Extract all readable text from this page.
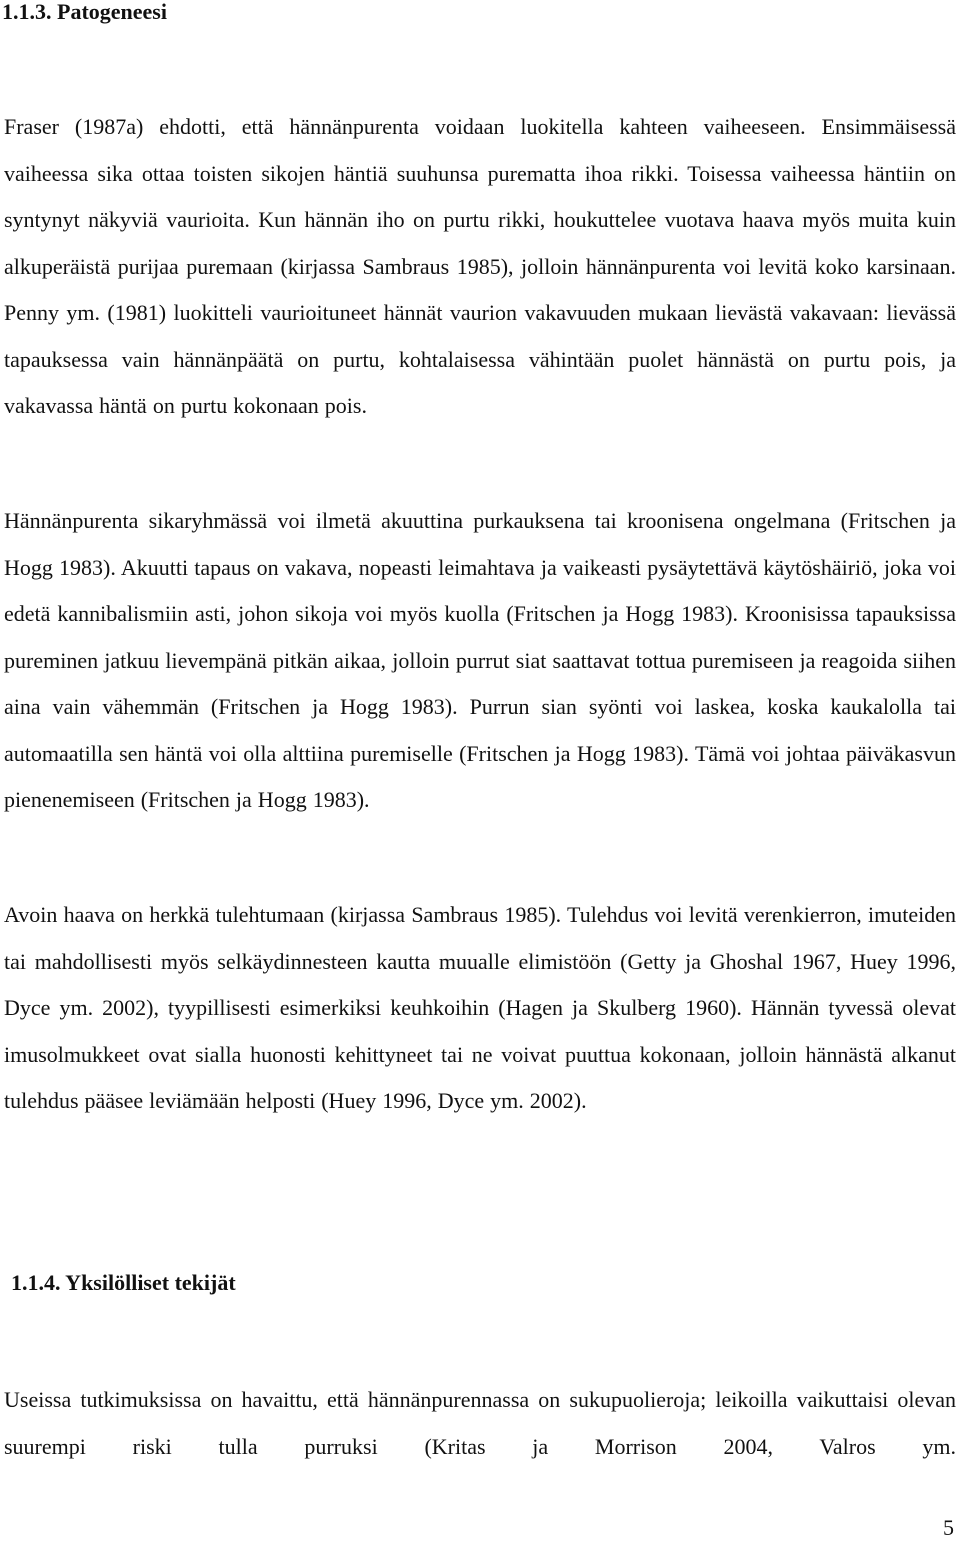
1.1.3. Patogeneesi

Fraser (1987a) ehdotti, että hännänpurenta voidaan luokitella kahteen vaiheeseen. Ensimmäisessä vaiheessa sika ottaa toisten sikojen häntiä suuhunsa purematta ihoa rikki. Toisessa vaiheessa häntiin on syntynyt näkyviä vaurioita. Kun hännän iho on purtu rikki, houkuttelee vuotava haava myös muita kuin alkuperäistä purijaa puremaan (kirjassa Sambraus 1985), jolloin hännänpurenta voi levitä koko karsinaan. Penny ym. (1981) luokitteli vaurioituneet hännät vaurion vakavuuden mukaan lievästä vakavaan: lievässä tapauksessa vain hännänpäätä on purtu, kohtalaisessa vähintään puolet hännästä on purtu pois, ja vakavassa häntä on purtu kokonaan pois.

Hännänpurenta sikaryhmässä voi ilmetä akuuttina purkauksena tai kroonisena ongelmana (Fritschen ja Hogg 1983). Akuutti tapaus on vakava, nopeasti leimahtava ja vaikeasti pysäytettävä käytöshäiriö, joka voi edetä kannibalismiin asti, johon sikoja voi myös kuolla (Fritschen ja Hogg 1983). Kroonisissa tapauksissa pureminen jatkuu lievempänä pitkän aikaa, jolloin purrut siat saattavat tottua puremiseen ja reagoida siihen aina vain vähemmän (Fritschen ja Hogg 1983). Purrun sian syönti voi laskea, koska kaukalolla tai automaatilla sen häntä voi olla alttiina puremiselle (Fritschen ja Hogg 1983). Tämä voi johtaa päiväkasvun pienenemiseen (Fritschen ja Hogg 1983).

Avoin haava on herkkä tulehtumaan (kirjassa Sambraus 1985). Tulehdus voi levitä verenkierron, imuteiden tai mahdollisesti myös selkäydinnesteen kautta muualle elimistöön (Getty ja Ghoshal 1967, Huey 1996, Dyce ym. 2002), tyypillisesti esimerkiksi keuhkoihin (Hagen ja Skulberg 1960). Hännän tyvessä olevat imusolmukkeet ovat sialla huonosti kehittyneet tai ne voivat puuttua kokonaan, jolloin hännästä alkanut tulehdus pääsee leviämään helposti (Huey 1996, Dyce ym. 2002).

1.1.4. Yksilölliset tekijät

Useissa tutkimuksissa on havaittu, että hännänpurennassa on sukupuolieroja; leikoilla vaikuttaisi olevan suurempi riski tulla purruksi (Kritas ja Morrison 2004, Valros ym.

5
